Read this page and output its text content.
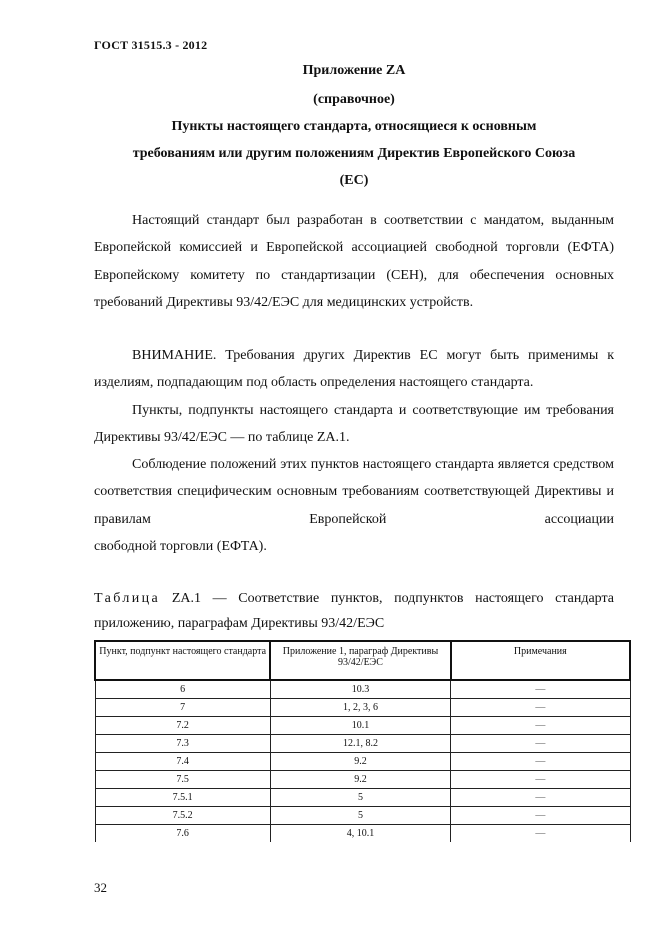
ГОСТ 31515.3 - 2012
Приложение ZA
(справочное)
Пункты настоящего стандарта, относящиеся к основным
требованиям или другим положениям Директив Европейского Союза
(ЕС)

Настоящий стандарт был разработан в соответствии с мандатом, выданным Европейской комиссией и Европейской ассоциацией свободной торговли (ЕФТА) Европейскому комитету по стандартизации (СЕН), для обеспечения основных требований Директивы 93/42/ЕЭС для медицинских устройств.

ВНИМАНИЕ. Требования других Директив ЕС могут быть применимы к изделиям, подпадающим под область определения настоящего стандарта.

Пункты, подпункты настоящего стандарта и соответствующие им требования Директивы 93/42/ЕЭС — по таблице ZA.1.

Соблюдение положений этих пунктов настоящего стандарта является средством соответствия специфическим основным требованиям соответствующей Директивы и правилам Европейской ассоциации
свободной торговли (ЕФТА).
Таблица ZA.1 — Соответствие пунктов, подпунктов настоящего стандарта приложению, параграфам Директивы 93/42/ЕЭС
Пункт, подпункт настоящего стандарта	Приложение 1, параграф Директивы 93/42/ЕЭС	Примечания
6	10.3	—
7	1, 2, 3, 6	—
7.2	10.1	—
7.3	12.1, 8.2	—
7.4	9.2	—
7.5	9.2	—
7.5.1	5	—
7.5.2	5	—
7.6	4, 10.1	—
32
